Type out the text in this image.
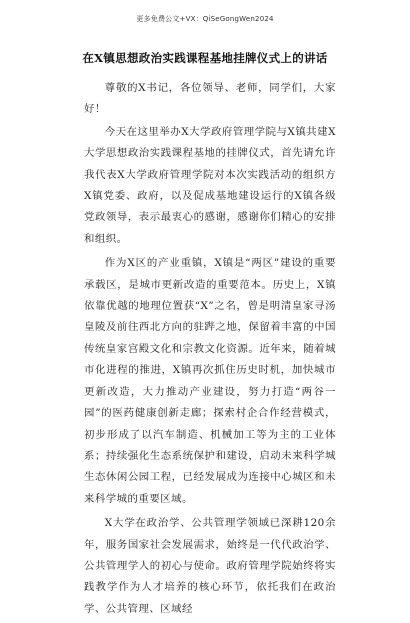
更多免费公文+VX：QiSeGongWen2024
在X镇思想政治实践课程基地挂牌仪式上的讲话

尊敬的X书记，各位领导、老师，同学们，大家好！

今天在这里举办X大学政府管理学院与X镇共建X大学思想政治实践课程基地的挂牌仪式，首先请允许我代表X大学政府管理学院对本次实践活动的组织方X镇党委、政府，以及促成基地建设运行的X镇各级党政领导，表示最衷心的感谢，感谢你们精心的安排和组织。

作为X区的产业重镇，X镇是“两区”建设的重要承载区，是城市更新改造的重要范本。历史上，X镇依靠优越的地理位置获“X”之名，曾是明清皇家寻汤皇陵及前往西北方向的驻跸之地，保留着丰富的中国传统皇家宫殿文化和宗教文化资源。近年来，随着城市化进程的推进，X镇再次抓住历史时机，加快城市更新改造，大力推动产业建设，努力打造“两谷一园”的医药健康创新走廊；探索村企合作经营模式，初步形成了以汽车制造、机械加工等为主的工业体系；持续强化生态系统保护和建设，启动未来科学城生态休闲公园工程，已经发展成为连接中心城区和未来科学城的重要区域。

X大学在政治学、公共管理学领域已深耕120余年，服务国家社会发展需求，始终是一代代政治学、公共管理学人的初心与使命。政府管理学院始终将实践教学作为人才培养的核心环节，依托我们在政治学、公共管理、区域经
